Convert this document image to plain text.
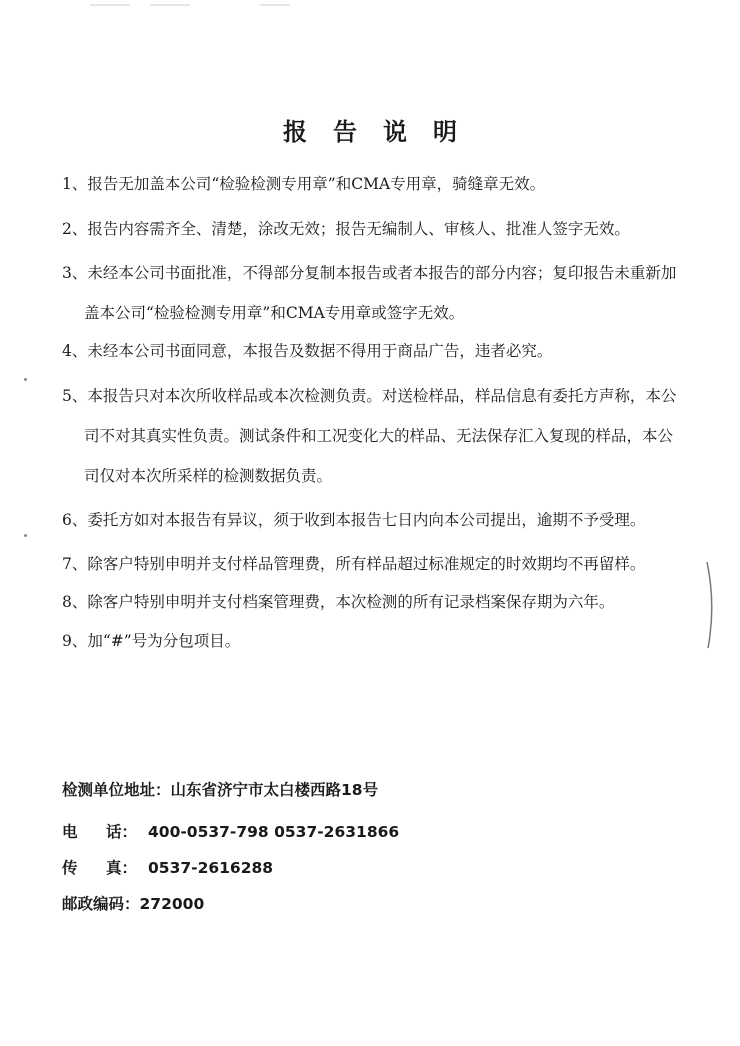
报告说明
1、报告无加盖本公司“检验检测专用章”和CMA专用章，骑缝章无效。
2、报告内容需齐全、清楚，涂改无效；报告无编制人、审核人、批准人签字无效。
3、未经本公司书面批准，不得部分复制本报告或者本报告的部分内容；复印报告未重新加盖本公司“检验检测专用章”和CMA专用章或签字无效。
4、未经本公司书面同意，本报告及数据不得用于商品广告，违者必究。
5、本报告只对本次所收样品或本次检测负责。对送检样品，样品信息有委托方声称，本公司不对其真实性负责。测试条件和工况变化大的样品、无法保存汇入复现的样品，本公司仅对本次所采样的检测数据负责。
6、委托方如对本报告有异议，须于收到本报告七日内向本公司提出，逾期不予受理。
7、除客户特别申明并支付样品管理费，所有样品超过标准规定的时效期均不再留样。
8、除客户特别申明并支付档案管理费，本次检测的所有记录档案保存期为六年。
9、加“#”号为分包项目。
检测单位地址：山东省济宁市太白楼西路18号
电 话： 400-0537-798 0537-2631866
传 真： 0537-2616288
邮政编码：272000
